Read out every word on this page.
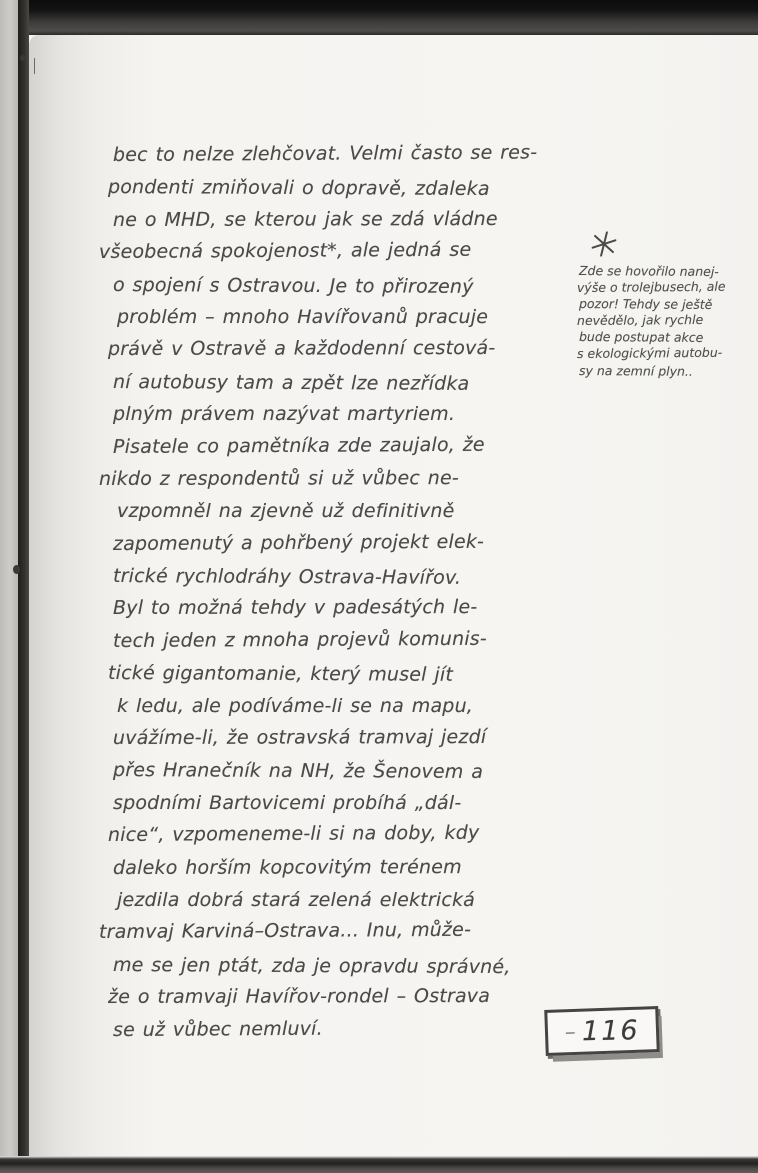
bec to nelze zlehčovat. Velmi často se res-
pondenti zmiňovali o dopravě, zdaleka
ne o MHD, se kterou jak se zdá vládne
všeobecná spokojenost*, ale jedná se
o spojení s Ostravou. Je to přirozený
problém – mnoho Havířovanů pracuje
právě v Ostravě a každodenní cestová-
ní autobusy tam a zpět lze nezřídka
plným právem nazývat martyriem.
Pisatele co pamětníka zde zaujalo, že
nikdo z respondentů si už vůbec ne-
vzpomněl na zjevně už definitivně
zapomenutý a pohřbený projekt elek-
trické rychlodráhy Ostrava-Havířov.
Byl to možná tehdy v padesátých le-
tech jeden z mnoha projevů komunis-
tické gigantomanie, který musel jít
k ledu, ale podíváme-li se na mapu,
uvážíme-li, že ostravská tramvaj jezdí
přes Hranečník na NH, že Šenovem a
spodními Bartovicemi probíhá „dál-
nice“, vzpomeneme-li si na doby, kdy
daleko horším kopcovitým terénem
jezdila dobrá stará zelená elektrická
tramvaj Karviná–Ostrava... Inu, může-
me se jen ptát, zda je opravdu správné,
že o tramvaji Havířov-rondel – Ostrava
se už vůbec nemluví.
Zde se hovořilo nanej-
výše o trolejbusech, ale
pozor! Tehdy se ještě
nevědělo, jak rychle
bude postupat akce
s ekologickými autobu-
sy na zemní plyn..
– 116
